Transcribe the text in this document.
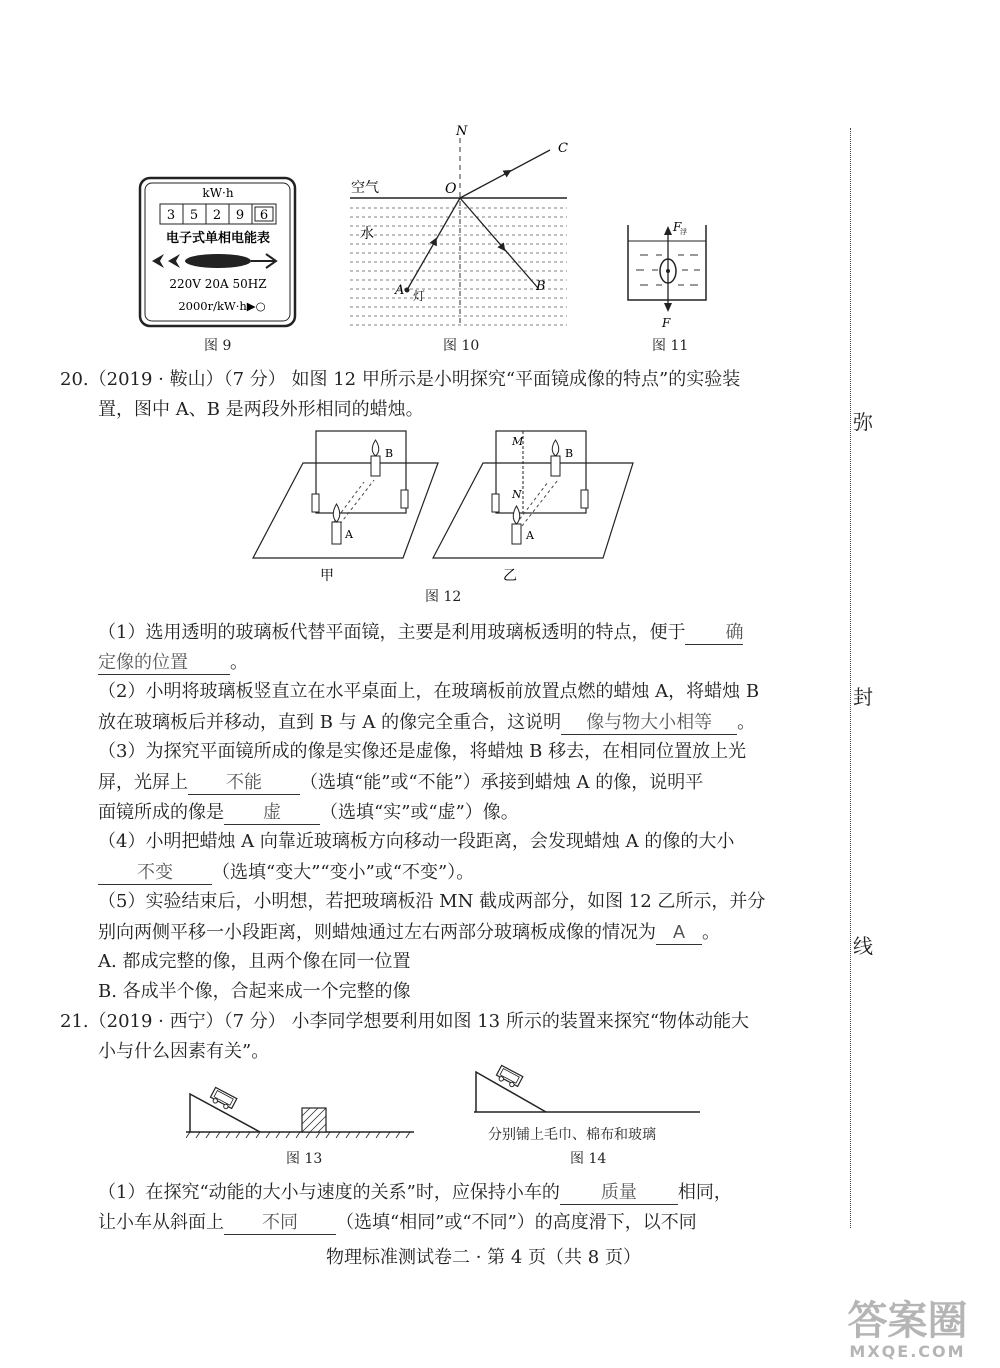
kW·h
3 5 2 9 6
电子式单相电能表
220V 20A 50HZ
2000r/kW·h▶○
图 9
N
C
O
空气
水
A 灯
B
图 10
F
浮
F
图 11
20.（2019 · 鞍山）（7 分） 如图 12 甲所示是小明探究“平面镜成像的特点”的实验装
置，图中 A、B 是两段外形相同的蜡烛。
B
A
甲
B
A
M
N
乙
图 12
（1）选用透明的玻璃板代替平面镜，主要是利用玻璃板透明的特点，便于 确
定像的位置 。
（2）小明将玻璃板竖直立在水平桌面上，在玻璃板前放置点燃的蜡烛 A，将蜡烛 B
放在玻璃板后并移动，直到 B 与 A 的像完全重合，这说明 像与物大小相等 。
（3）为探究平面镜所成的像是实像还是虚像，将蜡烛 B 移去，在相同位置放上光
屏，光屏上 不能 （选填“能”或“不能”）承接到蜡烛 A 的像，说明平
面镜所成的像是 虚 （选填“实”或“虚”）像。
（4）小明把蜡烛 A 向靠近玻璃板方向移动一段距离，会发现蜡烛 A 的像的大小
不变 （选填“变大”“变小”或“不变”）。
（5）实验结束后，小明想，若把玻璃板沿 MN 截成两部分，如图 12 乙所示，并分
别向两侧平移一小段距离，则蜡烛通过左右两部分玻璃板成像的情况为 A 。
A. 都成完整的像，且两个像在同一位置
B. 各成半个像，合起来成一个完整的像
21.（2019 · 西宁）（7 分） 小李同学想要利用如图 13 所示的装置来探究“物体动能大
小与什么因素有关”。
图 13
分别铺上毛巾、棉布和玻璃
图 14
（1）在探究“动能的大小与速度的关系”时，应保持小车的 质量 相同，
让小车从斜面上 不同 （选填“相同”或“不同”）的高度滑下，以不同
物理标准测试卷二 · 第 4 页（共 8 页）
弥
封
线
答案圈
MXQE.COM
